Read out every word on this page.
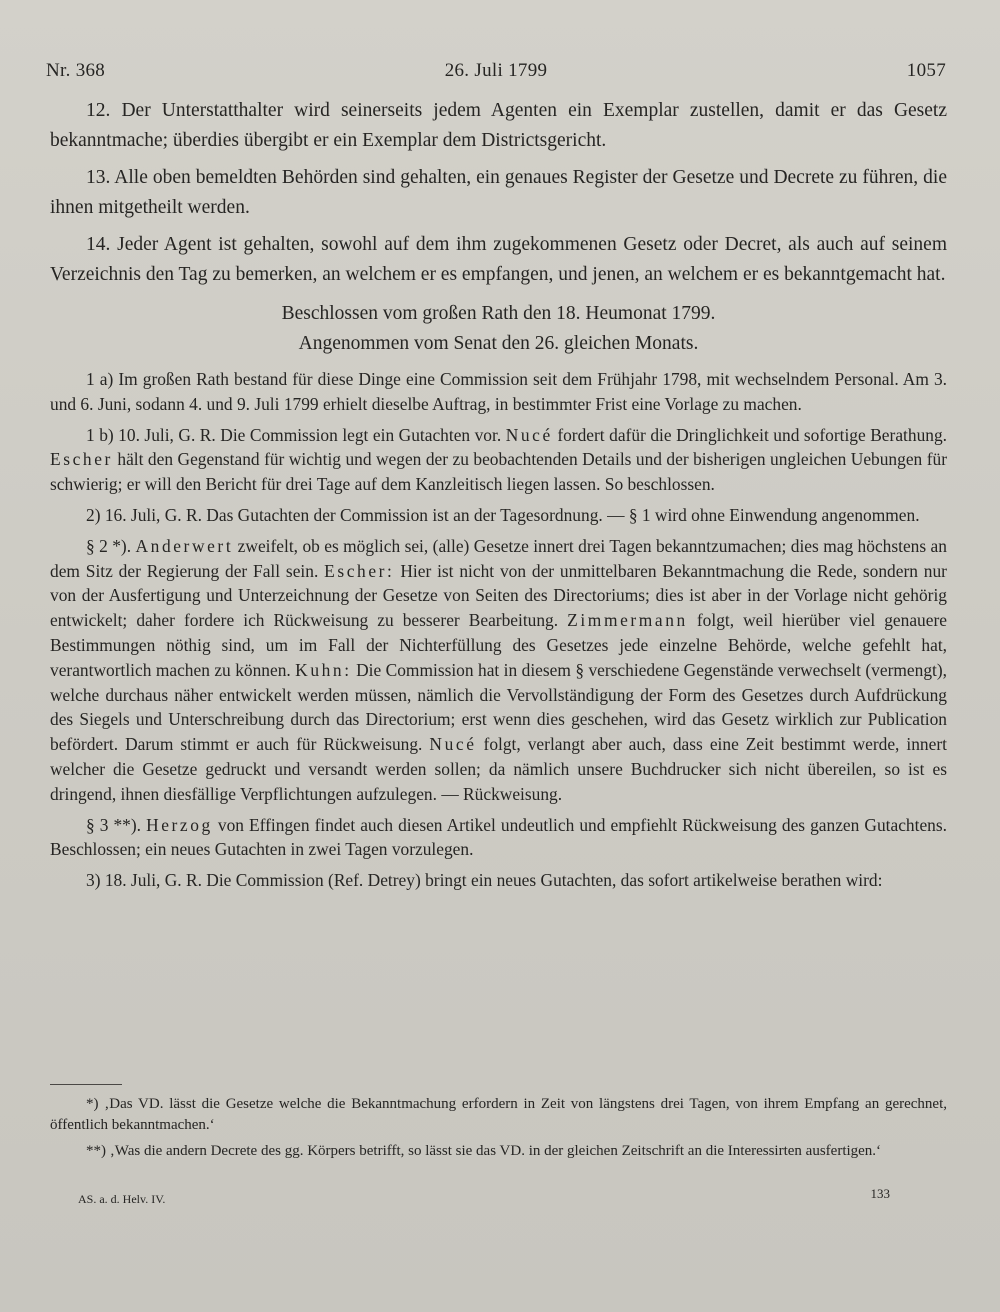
Nr. 368	26. Juli 1799	1057

12. Der Unterstatthalter wird seinerseits jedem Agenten ein Exemplar zustellen, damit er das Gesetz bekanntmache; überdies übergibt er ein Exemplar dem Districtsgericht.

13. Alle oben bemeldten Behörden sind gehalten, ein genaues Register der Gesetze und Decrete zu führen, die ihnen mitgetheilt werden.

14. Jeder Agent ist gehalten, sowohl auf dem ihm zugekommenen Gesetz oder Decret, als auch auf seinem Verzeichnis den Tag zu bemerken, an welchem er es empfangen, und jenen, an welchem er es bekanntgemacht hat.

Beschlossen vom großen Rath den 18. Heumonat 1799.
Angenommen vom Senat den 26. gleichen Monats.

1 a) Im großen Rath bestand für diese Dinge eine Commission seit dem Frühjahr 1798, mit wechselndem Personal. Am 3. und 6. Juni, sodann 4. und 9. Juli 1799 erhielt dieselbe Auftrag, in bestimmter Frist eine Vorlage zu machen.

1 b) 10. Juli, G. R. Die Commission legt ein Gutachten vor. Nucé fordert dafür die Dringlichkeit und sofortige Berathung. Escher hält den Gegenstand für wichtig und wegen der zu beobachtenden Details und der bisherigen ungleichen Uebungen für schwierig; er will den Bericht für drei Tage auf dem Kanzleitisch liegen lassen. So beschlossen.

2) 16. Juli, G. R. Das Gutachten der Commission ist an der Tagesordnung. — § 1 wird ohne Einwendung angenommen.

§ 2 *). Anderwert zweifelt, ob es möglich sei, (alle) Gesetze innert drei Tagen bekanntzumachen; dies mag höchstens an dem Sitz der Regierung der Fall sein. Escher: Hier ist nicht von der unmittelbaren Bekanntmachung die Rede, sondern nur von der Ausfertigung und Unterzeichnung der Gesetze von Seiten des Directoriums; dies ist aber in der Vorlage nicht gehörig entwickelt; daher fordere ich Rückweisung zu besserer Bearbeitung. Zimmermann folgt, weil hierüber viel genauere Bestimmungen nöthig sind, um im Fall der Nichterfüllung des Gesetzes jede einzelne Behörde, welche gefehlt hat, verantwortlich machen zu können. Kuhn: Die Commission hat in diesem § verschiedene Gegenstände verwechselt (vermengt), welche durchaus näher entwickelt werden müssen, nämlich die Vervollständigung der Form des Gesetzes durch Aufdrückung des Siegels und Unterschreibung durch das Directorium; erst wenn dies geschehen, wird das Gesetz wirklich zur Publication befördert. Darum stimmt er auch für Rückweisung. Nucé folgt, verlangt aber auch, dass eine Zeit bestimmt werde, innert welcher die Gesetze gedruckt und versandt werden sollen; da nämlich unsere Buchdrucker sich nicht übereilen, so ist es dringend, ihnen diesfällige Verpflichtungen aufzulegen. — Rückweisung.

§ 3 **). Herzog von Effingen findet auch diesen Artikel undeutlich und empfiehlt Rückweisung des ganzen Gutachtens. Beschlossen; ein neues Gutachten in zwei Tagen vorzulegen.

3) 18. Juli, G. R. Die Commission (Ref. Detrey) bringt ein neues Gutachten, das sofort artikelweise berathen wird:

*) ‚Das VD. lässt die Gesetze welche die Bekanntmachung erfordern in Zeit von längstens drei Tagen, von ihrem Empfang an gerechnet, öffentlich bekanntmachen.‘

**) ‚Was die andern Decrete des gg. Körpers betrifft, so lässt sie das VD. in der gleichen Zeitschrift an die Interessirten ausfertigen.‘

AS. a. d. Helv. IV.	133
